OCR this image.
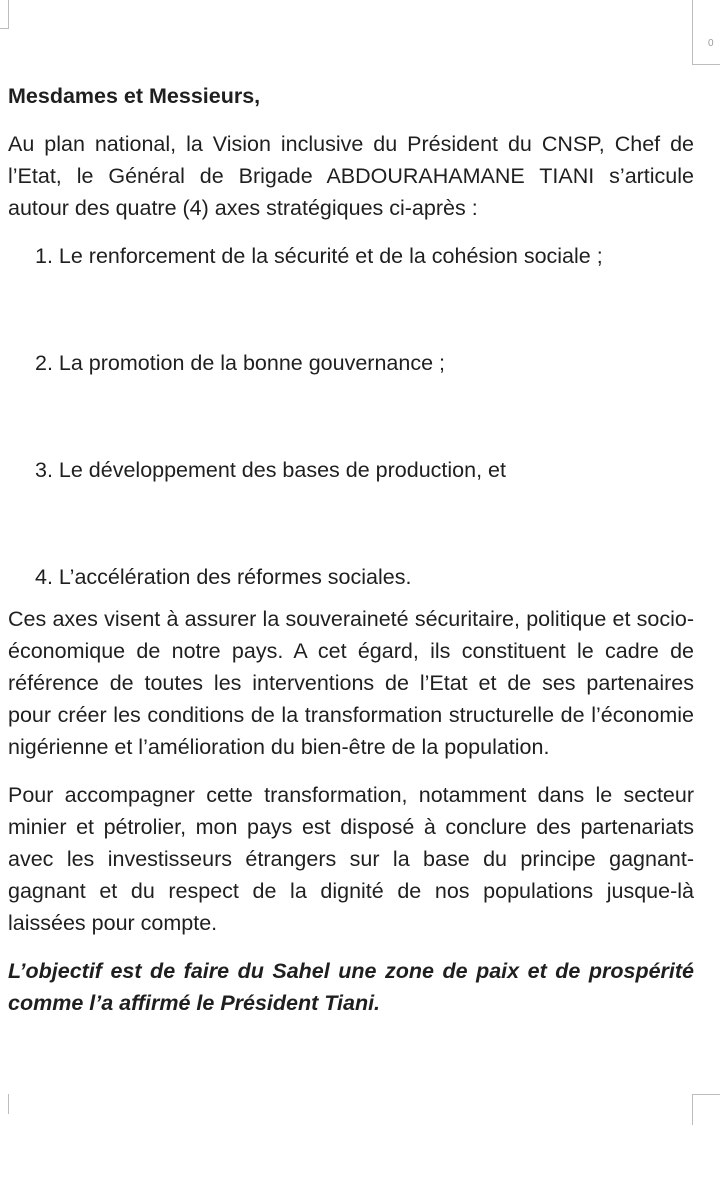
0

Mesdames et Messieurs,

Au plan national, la Vision inclusive du Président du CNSP, Chef de l’Etat, le Général de Brigade ABDOURAHAMANE TIANI s’articule autour des quatre (4) axes stratégiques ci-après :

1. Le renforcement de la sécurité et de la cohésion sociale ;
2. La promotion de la bonne gouvernance ;
3. Le développement des bases de production, et
4. L’accélération des réformes sociales.

Ces axes visent à assurer la souveraineté sécuritaire, politique et socio-économique de notre pays. A cet égard, ils constituent le cadre de référence de toutes les interventions de l’Etat et de ses partenaires pour créer les conditions de la transformation structurelle de l’économie nigérienne et l’amélioration du bien-être de la population.

Pour accompagner cette transformation, notamment dans le secteur minier et pétrolier, mon pays est disposé à conclure des partenariats avec les investisseurs étrangers sur la base du principe gagnant-gagnant et du respect de la dignité de nos populations jusque-là laissées pour compte.

L’objectif est de faire du Sahel une zone de paix et de prospérité comme l’a affirmé le Président Tiani.
